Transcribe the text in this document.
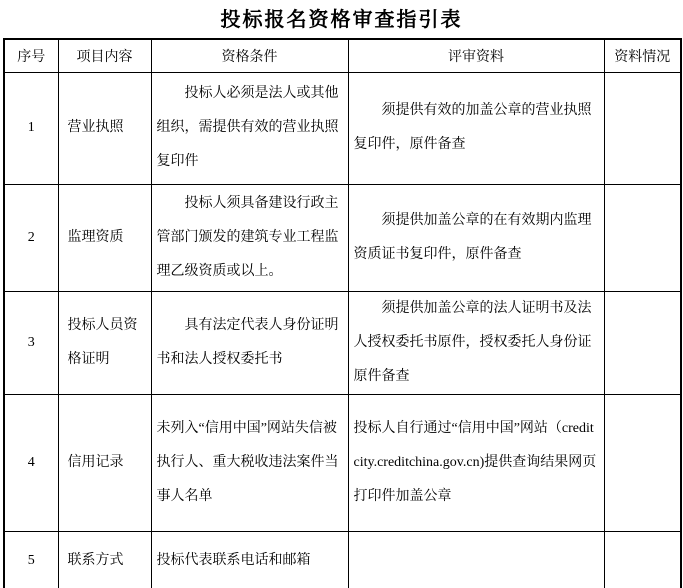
投标报名资格审查指引表
序号	项目内容	资格条件	评审资料	资料情况
1	营业执照	　　投标人必须是法人或其他组织，需提供有效的营业执照复印件	　　须提供有效的加盖公章的营业执照复印件，原件备查	
2	监理资质	　　投标人须具备建设行政主管部门颁发的建筑专业工程监理乙级资质或以上。	　　须提供加盖公章的在有效期内监理资质证书复印件，原件备查	
3	投标人员资格证明	　　具有法定代表人身份证明书和法人授权委托书	　　须提供加盖公章的法人证明书及法人授权委托书原件，授权委托人身份证原件备查	
4	信用记录	未列入“信用中国”网站失信被执行人、重大税收违法案件当事人名单	投标人自行通过“信用中国”网站（creditcity.creditchina.gov.cn)提供查询结果网页打印件加盖公章	
5	联系方式	投标代表联系电话和邮箱		
